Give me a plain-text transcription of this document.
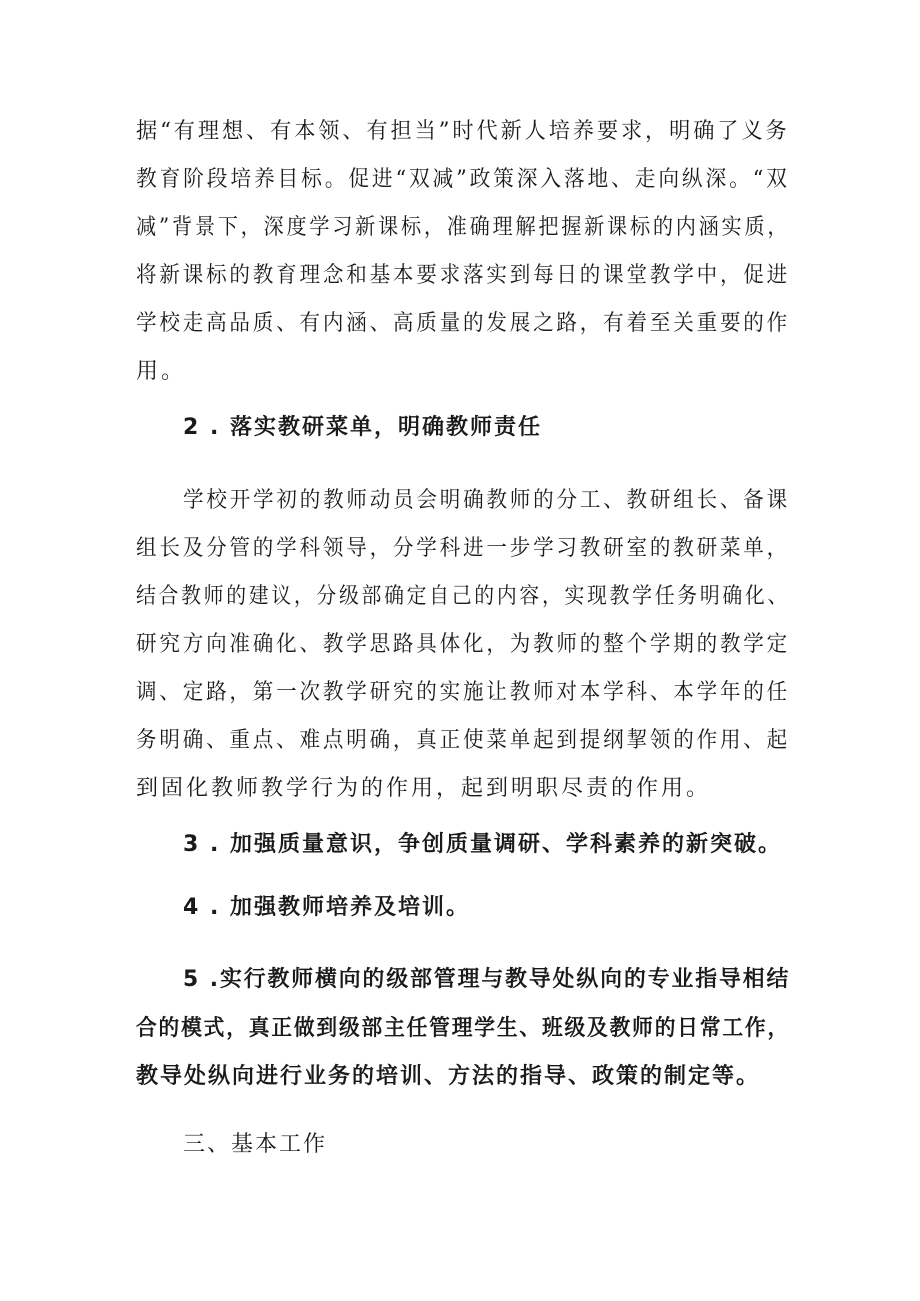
据“有理想、有本领、有担当”时代新人培养要求，明确了义务
教育阶段培养目标。促进“双减”政策深入落地、走向纵深。“双
减”背景下，深度学习新课标，准确理解把握新课标的内涵实质，
将新课标的教育理念和基本要求落实到每日的课堂教学中，促进
学校走高品质、有内涵、高质量的发展之路，有着至关重要的作
用。
2 . 落实教研菜单，明确教师责任
学校开学初的教师动员会明确教师的分工、教研组长、备课
组长及分管的学科领导，分学科进一步学习教研室的教研菜单，
结合教师的建议，分级部确定自己的内容，实现教学任务明确化、
研究方向准确化、教学思路具体化，为教师的整个学期的教学定
调、定路，第一次教学研究的实施让教师对本学科、本学年的任
务明确、重点、难点明确，真正使菜单起到提纲挈领的作用、起
到固化教师教学行为的作用，起到明职尽责的作用。
3 . 加强质量意识，争创质量调研、学科素养的新突破。
4 . 加强教师培养及培训。
5 .实行教师横向的级部管理与教导处纵向的专业指导相结
合的模式，真正做到级部主任管理学生、班级及教师的日常工作，
教导处纵向进行业务的培训、方法的指导、政策的制定等。
三、基本工作
